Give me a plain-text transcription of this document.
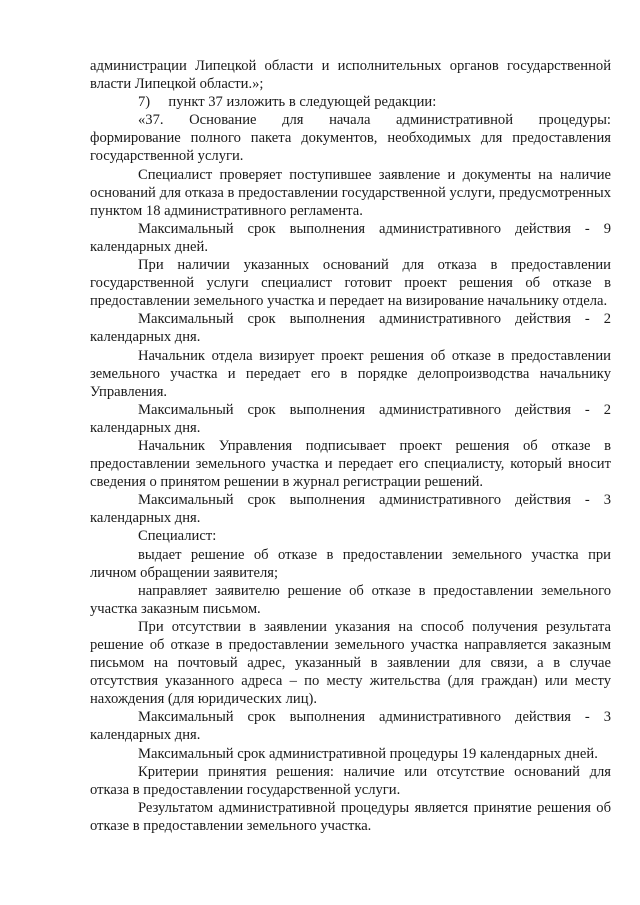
администрации Липецкой области и исполнительных органов государственной власти Липецкой области.»;

7)     пункт 37 изложить в следующей редакции:

«37.   Основание   для   начала   административной   процедуры: формирование полного пакета документов, необходимых для предоставления государственной услуги.

Специалист проверяет поступившее заявление и документы на наличие оснований для отказа в предоставлении государственной услуги, предусмотренных пунктом 18 административного регламента.

Максимальный срок выполнения административного действия - 9 календарных дней.

При наличии указанных оснований для отказа в предоставлении государственной услуги специалист готовит проект решения об отказе в предоставлении земельного участка и передает на визирование начальнику отдела.

Максимальный срок выполнения административного действия - 2 календарных дня.

Начальник отдела визирует проект решения об отказе в предоставлении земельного участка и передает его в порядке делопроизводства начальнику Управления.

Максимальный срок выполнения административного действия - 2 календарных дня.

Начальник Управления подписывает проект решения об отказе в предоставлении земельного участка и передает его специалисту, который вносит сведения о принятом решении в журнал регистрации решений.

Максимальный срок выполнения административного действия - 3 календарных дня.

Специалист:

выдает решение об отказе в предоставлении земельного участка при личном обращении заявителя;

направляет заявителю решение об отказе в предоставлении земельного участка заказным письмом.

При отсутствии в заявлении указания на способ получения результата решение об отказе в предоставлении земельного участка направляется заказным письмом на почтовый адрес, указанный в заявлении для связи, а в случае отсутствия указанного адреса – по месту жительства (для граждан) или месту нахождения (для юридических лиц).

Максимальный срок выполнения административного действия - 3 календарных дня.

Максимальный срок административной процедуры 19 календарных дней.

Критерии принятия решения: наличие или отсутствие оснований для отказа в предоставлении государственной услуги.

Результатом административной процедуры является принятие решения об отказе в предоставлении земельного участка.
